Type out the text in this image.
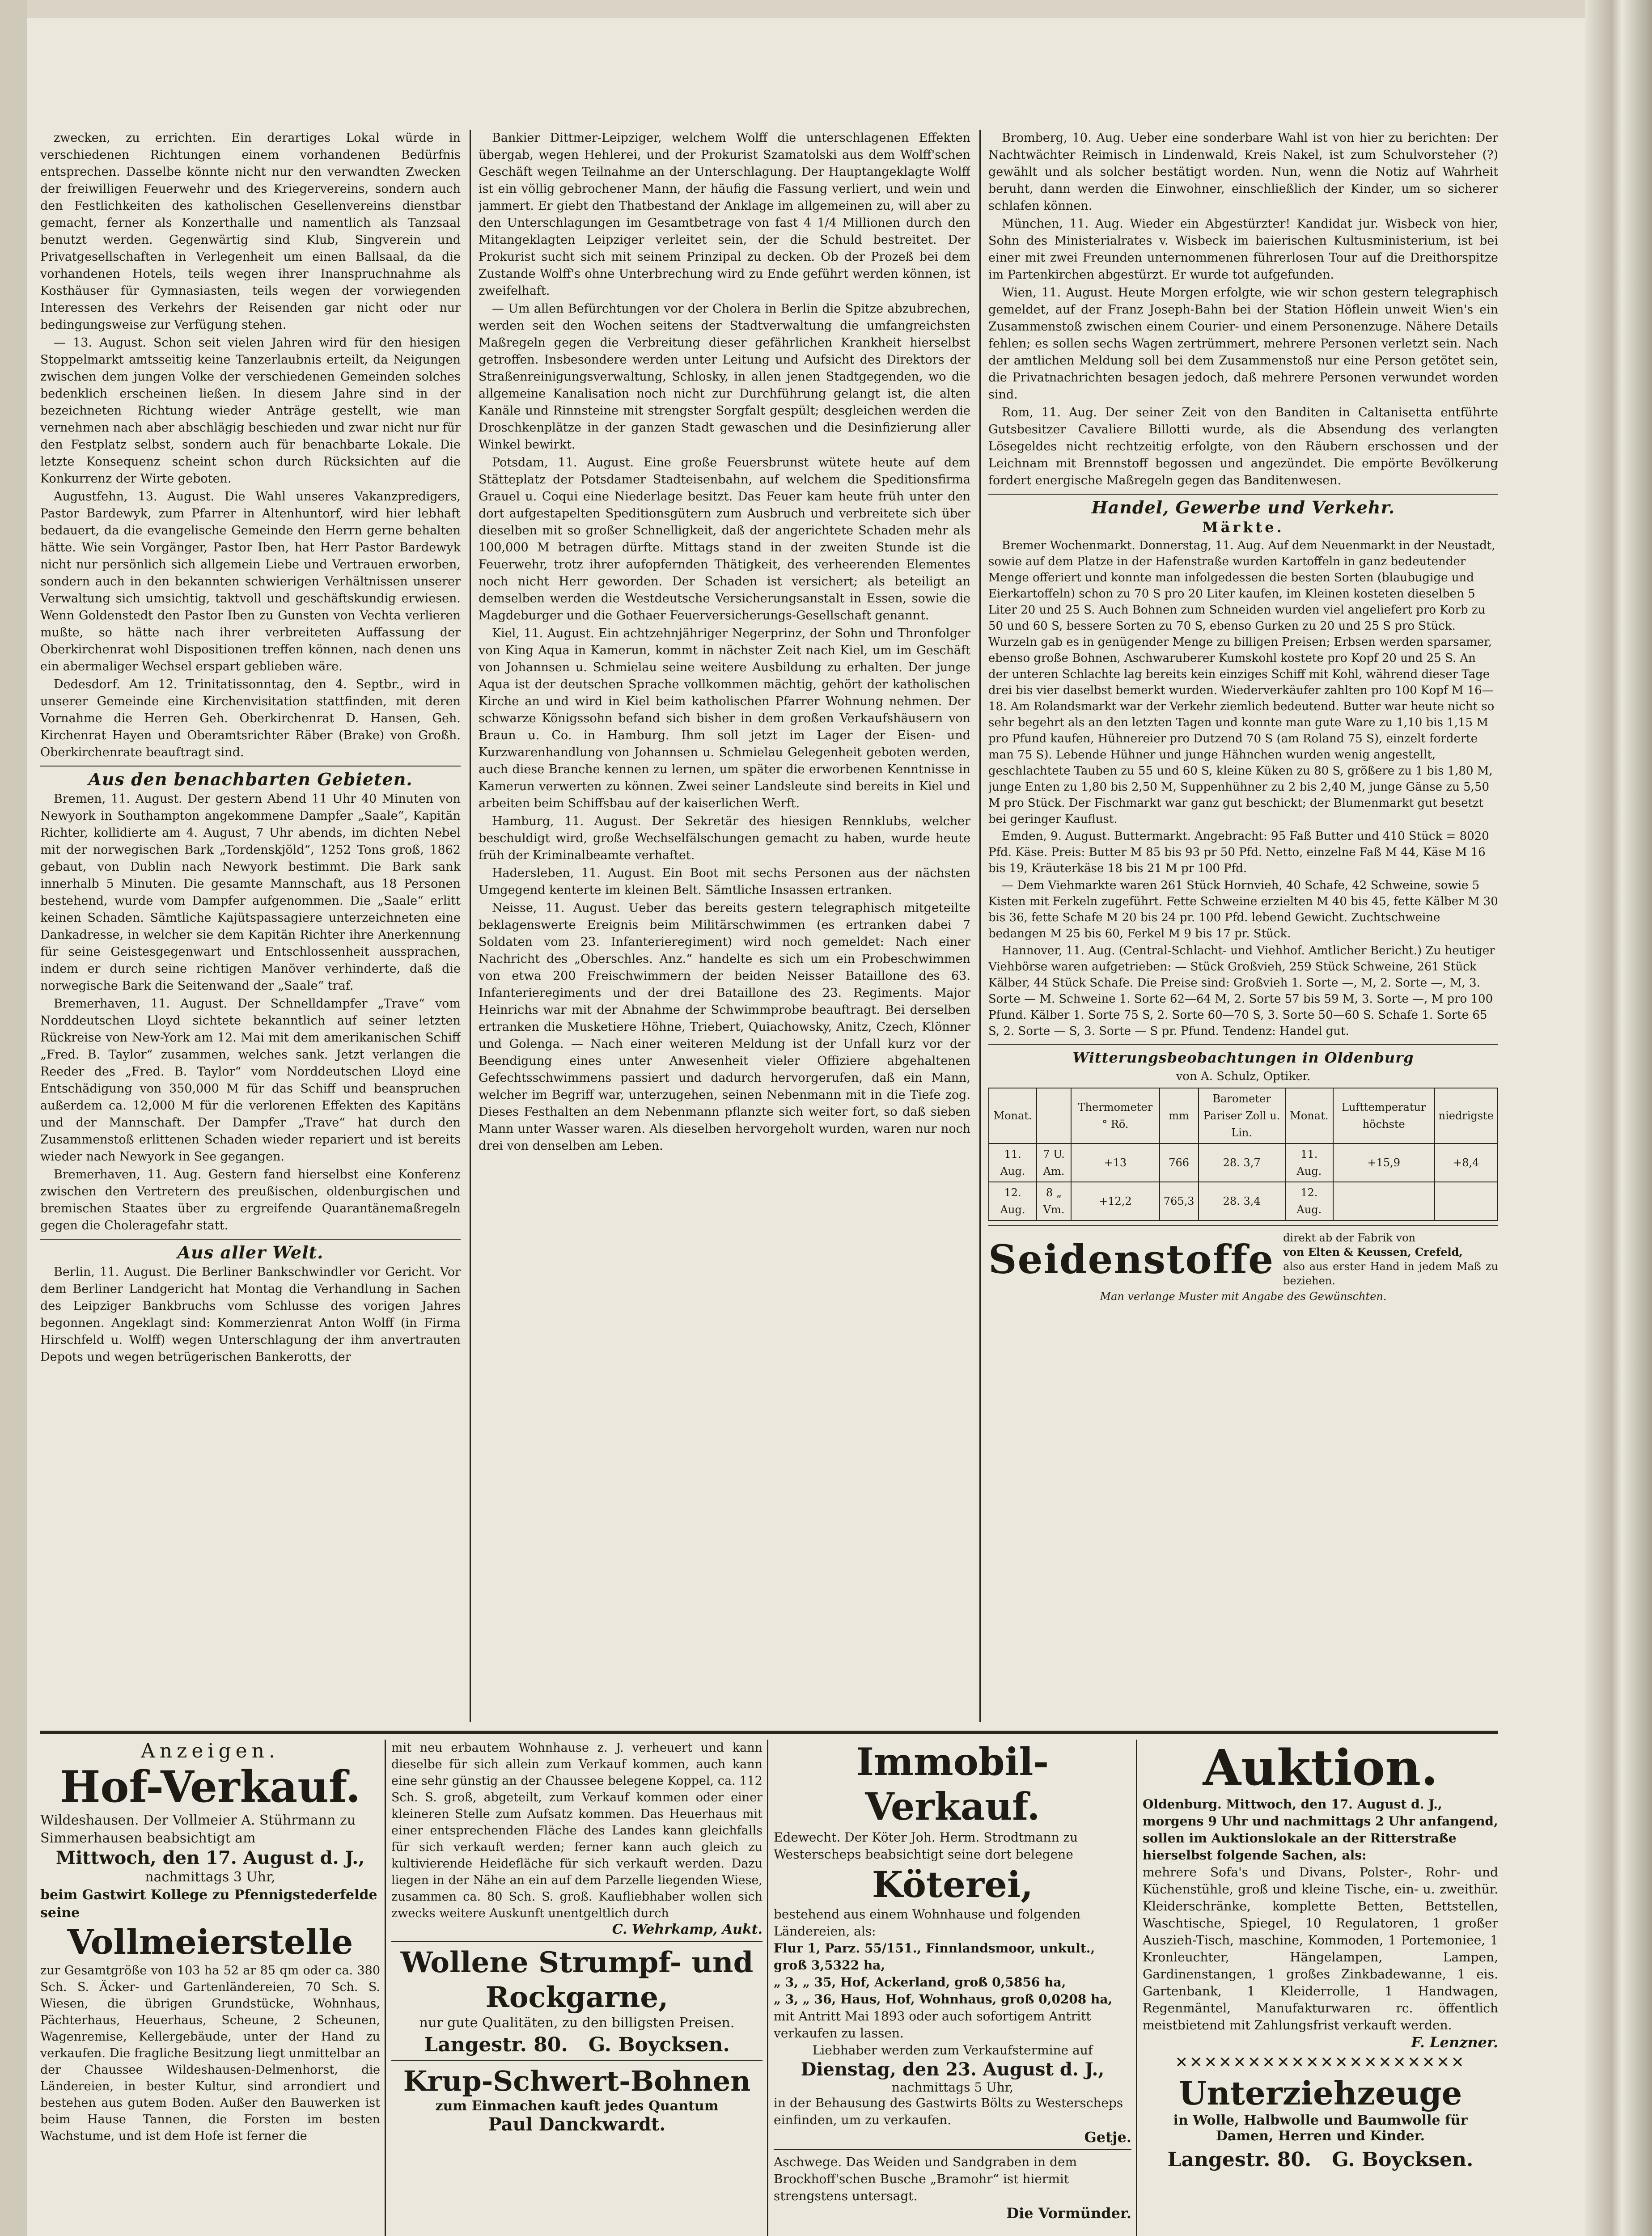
zwecken, zu errichten. Ein derartiges Lokal würde in verschiedenen Richtungen einem vorhandenen Bedürfnis entsprechen. Dasselbe könnte nicht nur den verwandten Zwecken der freiwilligen Feuerwehr und des Kriegervereins, sondern auch den Festlichkeiten des katholischen Gesellenvereins dienstbar gemacht, ferner als Konzerthalle und namentlich als Tanzsaal benutzt werden. Gegenwärtig sind Klub, Singverein und Privatgesellschaften in Verlegenheit um einen Ballsaal, da die vorhandenen Hotels, teils wegen ihrer Inanspruchnahme als Kosthäuser für Gymnasiasten, teils wegen der vorwiegenden Interessen des Verkehrs der Reisenden gar nicht oder nur bedingungsweise zur Verfügung stehen.

— 13. August. Schon seit vielen Jahren wird für den hiesigen Stoppelmarkt amtsseitig keine Tanzerlaubnis erteilt, da Neigungen zwischen dem jungen Volke der verschiedenen Gemeinden solches bedenklich erscheinen ließen. In diesem Jahre sind in der bezeichneten Richtung wieder Anträge gestellt, wie man vernehmen nach aber abschlägig beschieden und zwar nicht nur für den Festplatz selbst, sondern auch für benachbarte Lokale. Die letzte Konsequenz scheint schon durch Rücksichten auf die Konkurrenz der Wirte geboten.

Augustfehn, 13. August. Die Wahl unseres Vakanzpredigers, Pastor Bardewyk, zum Pfarrer in Altenhuntorf, wird hier lebhaft bedauert, da die evangelische Gemeinde den Herrn gerne behalten hätte. Wie sein Vorgänger, Pastor Iben, hat Herr Pastor Bardewyk nicht nur persönlich sich allgemein Liebe und Vertrauen erworben, sondern auch in den bekannten schwierigen Verhältnissen unserer Verwaltung sich umsichtig, taktvoll und geschäftskundig erwiesen. Wenn Goldenstedt den Pastor Iben zu Gunsten von Vechta verlieren mußte, so hätte nach ihrer verbreiteten Auffassung der Oberkirchenrat wohl Dispositionen treffen können, nach denen uns ein abermaliger Wechsel erspart geblieben wäre.

Dedesdorf. Am 12. Trinitatissonntag, den 4. Septbr., wird in unserer Gemeinde eine Kirchenvisitation stattfinden, mit deren Vornahme die Herren Geh. Oberkirchenrat D. Hansen, Geh. Kirchenrat Hayen und Oberamtsrichter Räber (Brake) von Großh. Oberkirchenrate beauftragt sind.

Aus den benachbarten Gebieten.

Bremen, 11. August. Der gestern Abend 11 Uhr 40 Minuten von Newyork in Southampton angekommene Dampfer „Saale“, Kapitän Richter, kollidierte am 4. August, 7 Uhr abends, im dichten Nebel mit der norwegischen Bark „Tordenskjöld“, 1252 Tons groß, 1862 gebaut, von Dublin nach Newyork bestimmt. Die Bark sank innerhalb 5 Minuten. Die gesamte Mannschaft, aus 18 Personen bestehend, wurde vom Dampfer aufgenommen. Die „Saale“ erlitt keinen Schaden. Sämtliche Kajütspassagiere unterzeichneten eine Dankadresse, in welcher sie dem Kapitän Richter ihre Anerkennung für seine Geistesgegenwart und Entschlossenheit aussprachen, indem er durch seine richtigen Manöver verhinderte, daß die norwegische Bark die Seitenwand der „Saale“ traf.

Bremerhaven, 11. August. Der Schnelldampfer „Trave“ vom Norddeutschen Lloyd sichtete bekanntlich auf seiner letzten Rückreise von New-York am 12. Mai mit dem amerikanischen Schiff „Fred. B. Taylor“ zusammen, welches sank. Jetzt verlangen die Reeder des „Fred. B. Taylor“ vom Norddeutschen Lloyd eine Entschädigung von 350,000 M für das Schiff und beanspruchen außerdem ca. 12,000 M für die verlorenen Effekten des Kapitäns und der Mannschaft. Der Dampfer „Trave“ hat durch den Zusammenstoß erlittenen Schaden wieder repariert und ist bereits wieder nach Newyork in See gegangen.

Bremerhaven, 11. Aug. Gestern fand hierselbst eine Konferenz zwischen den Vertretern des preußischen, oldenburgischen und bremischen Staates über zu ergreifende Quarantänemaßregeln gegen die Choleragefahr statt.

Aus aller Welt.

Berlin, 11. August. Die Berliner Bankschwindler vor Gericht. Vor dem Berliner Landgericht hat Montag die Verhandlung in Sachen des Leipziger Bankbruchs vom Schlusse des vorigen Jahres begonnen. Angeklagt sind: Kommerzienrat Anton Wolff (in Firma Hirschfeld u. Wolff) wegen Unterschlagung der ihm anvertrauten Depots und wegen betrügerischen Bankerotts, der

Bankier Dittmer-Leipziger, welchem Wolff die unterschlagenen Effekten übergab, wegen Hehlerei, und der Prokurist Szamatolski aus dem Wolff'schen Geschäft wegen Teilnahme an der Unterschlagung. Der Hauptangeklagte Wolff ist ein völlig gebrochener Mann, der häufig die Fassung verliert, und wein und jammert. Er giebt den Thatbestand der Anklage im allgemeinen zu, will aber zu den Unterschlagungen im Gesamtbetrage von fast 4 1/4 Millionen durch den Mitangeklagten Leipziger verleitet sein, der die Schuld bestreitet. Der Prokurist sucht sich mit seinem Prinzipal zu decken. Ob der Prozeß bei dem Zustande Wolff's ohne Unterbrechung wird zu Ende geführt werden können, ist zweifelhaft.

— Um allen Befürchtungen vor der Cholera in Berlin die Spitze abzubrechen, werden seit den Wochen seitens der Stadtverwaltung die umfangreichsten Maßregeln gegen die Verbreitung dieser gefährlichen Krankheit hierselbst getroffen. Insbesondere werden unter Leitung und Aufsicht des Direktors der Straßenreinigungsverwaltung, Schlosky, in allen jenen Stadtgegenden, wo die allgemeine Kanalisation noch nicht zur Durchführung gelangt ist, die alten Kanäle und Rinnsteine mit strengster Sorgfalt gespült; desgleichen werden die Droschkenplätze in der ganzen Stadt gewaschen und die Desinfizierung aller Winkel bewirkt.

Potsdam, 11. August. Eine große Feuersbrunst wütete heute auf dem Stätteplatz der Potsdamer Stadteisenbahn, auf welchem die Speditionsfirma Grauel u. Coqui eine Niederlage besitzt. Das Feuer kam heute früh unter den dort aufgestapelten Speditionsgütern zum Ausbruch und verbreitete sich über dieselben mit so großer Schnelligkeit, daß der angerichtete Schaden mehr als 100,000 M betragen dürfte. Mittags stand in der zweiten Stunde ist die Feuerwehr, trotz ihrer aufopfernden Thätigkeit, des verheerenden Elementes noch nicht Herr geworden. Der Schaden ist versichert; als beteiligt an demselben werden die Westdeutsche Versicherungsanstalt in Essen, sowie die Magdeburger und die Gothaer Feuerversicherungs-Gesellschaft genannt.

Kiel, 11. August. Ein achtzehnjähriger Negerprinz, der Sohn und Thronfolger von King Aqua in Kamerun, kommt in nächster Zeit nach Kiel, um im Geschäft von Johannsen u. Schmielau seine weitere Ausbildung zu erhalten. Der junge Aqua ist der deutschen Sprache vollkommen mächtig, gehört der katholischen Kirche an und wird in Kiel beim katholischen Pfarrer Wohnung nehmen. Der schwarze Königssohn befand sich bisher in dem großen Verkaufshäusern von Braun u. Co. in Hamburg. Ihm soll jetzt im Lager der Eisen- und Kurzwarenhandlung von Johannsen u. Schmielau Gelegenheit geboten werden, auch diese Branche kennen zu lernen, um später die erworbenen Kenntnisse in Kamerun verwerten zu können. Zwei seiner Landsleute sind bereits in Kiel und arbeiten beim Schiffsbau auf der kaiserlichen Werft.

Hamburg, 11. August. Der Sekretär des hiesigen Rennklubs, welcher beschuldigt wird, große Wechselfälschungen gemacht zu haben, wurde heute früh der Kriminalbeamte verhaftet.

Hadersleben, 11. August. Ein Boot mit sechs Personen aus der nächsten Umgegend kenterte im kleinen Belt. Sämtliche Insassen ertranken.

Neisse, 11. August. Ueber das bereits gestern telegraphisch mitgeteilte beklagenswerte Ereignis beim Militärschwimmen (es ertranken dabei 7 Soldaten vom 23. Infanterieregiment) wird noch gemeldet: Nach einer Nachricht des „Oberschles. Anz.“ handelte es sich um ein Probeschwimmen von etwa 200 Freischwimmern der beiden Neisser Bataillone des 63. Infanterieregiments und der drei Bataillone des 23. Regiments. Major Heinrichs war mit der Abnahme der Schwimmprobe beauftragt. Bei derselben ertranken die Musketiere Höhne, Triebert, Quiachowsky, Anitz, Czech, Klönner und Golenga. — Nach einer weiteren Meldung ist der Unfall kurz vor der Beendigung eines unter Anwesenheit vieler Offiziere abgehaltenen Gefechtsschwimmens passiert und dadurch hervorgerufen, daß ein Mann, welcher im Begriff war, unterzugehen, seinen Nebenmann mit in die Tiefe zog. Dieses Festhalten an dem Nebenmann pflanzte sich weiter fort, so daß sieben Mann unter Wasser waren. Als dieselben hervorgeholt wurden, waren nur noch drei von denselben am Leben.

Bromberg, 10. Aug. Ueber eine sonderbare Wahl ist von hier zu berichten: Der Nachtwächter Reimisch in Lindenwald, Kreis Nakel, ist zum Schulvorsteher (?) gewählt und als solcher bestätigt worden. Nun, wenn die Notiz auf Wahrheit beruht, dann werden die Einwohner, einschließlich der Kinder, um so sicherer schlafen können.

München, 11. Aug. Wieder ein Abgestürzter! Kandidat jur. Wisbeck von hier, Sohn des Ministerialrates v. Wisbeck im baierischen Kultusministerium, ist bei einer mit zwei Freunden unternommenen führerlosen Tour auf die Dreithorspitze im Partenkirchen abgestürzt. Er wurde tot aufgefunden.

Wien, 11. August. Heute Morgen erfolgte, wie wir schon gestern telegraphisch gemeldet, auf der Franz Joseph-Bahn bei der Station Höflein unweit Wien's ein Zusammenstoß zwischen einem Courier- und einem Personenzuge. Nähere Details fehlen; es sollen sechs Wagen zertrümmert, mehrere Personen verletzt sein. Nach der amtlichen Meldung soll bei dem Zusammenstoß nur eine Person getötet sein, die Privatnachrichten besagen jedoch, daß mehrere Personen verwundet worden sind.

Rom, 11. Aug. Der seiner Zeit von den Banditen in Caltanisetta entführte Gutsbesitzer Cavaliere Billotti wurde, als die Absendung des verlangten Lösegeldes nicht rechtzeitig erfolgte, von den Räubern erschossen und der Leichnam mit Brennstoff begossen und angezündet. Die empörte Bevölkerung fordert energische Maßregeln gegen das Banditenwesen.

Handel, Gewerbe und Verkehr.
Märkte.

Bremer Wochenmarkt. Donnerstag, 11. Aug. Auf dem Neuenmarkt in der Neustadt, sowie auf dem Platze in der Hafenstraße wurden Kartoffeln in ganz bedeutender Menge offeriert und konnte man infolgedessen die besten Sorten (blaubugige und Eierkartoffeln) schon zu 70 S pro 20 Liter kaufen, im Kleinen kosteten dieselben 5 Liter 20 und 25 S. Auch Bohnen zum Schneiden wurden viel angeliefert pro Korb zu 50 und 60 S, bessere Sorten zu 70 S, ebenso Gurken zu 20 und 25 S pro Stück. Wurzeln gab es in genügender Menge zu billigen Preisen; Erbsen werden sparsamer, ebenso große Bohnen, Aschwaruberer Kumskohl kostete pro Kopf 20 und 25 S. An der unteren Schlachte lag bereits kein einziges Schiff mit Kohl, während dieser Tage drei bis vier daselbst bemerkt wurden. Wiederverkäufer zahlten pro 100 Kopf M 16—18. Am Rolandsmarkt war der Verkehr ziemlich bedeutend. Butter war heute nicht so sehr begehrt als an den letzten Tagen und konnte man gute Ware zu 1,10 bis 1,15 M pro Pfund kaufen, Hühnereier pro Dutzend 70 S (am Roland 75 S), einzelt forderte man 75 S). Lebende Hühner und junge Hähnchen wurden wenig angestellt, geschlachtete Tauben zu 55 und 60 S, kleine Küken zu 80 S, größere zu 1 bis 1,80 M, junge Enten zu 1,80 bis 2,50 M, Suppenhühner zu 2 bis 2,40 M, junge Gänse zu 5,50 M pro Stück. Der Fischmarkt war ganz gut beschickt; der Blumenmarkt gut besetzt bei geringer Kauflust.

Emden, 9. August. Buttermarkt. Angebracht: 95 Faß Butter und 410 Stück = 8020 Pfd. Käse. Preis: Butter M 85 bis 93 pr 50 Pfd. Netto, einzelne Faß M 44, Käse M 16 bis 19, Kräuterkäse 18 bis 21 M pr 100 Pfd.

— Dem Viehmarkte waren 261 Stück Hornvieh, 40 Schafe, 42 Schweine, sowie 5 Kisten mit Ferkeln zugeführt. Fette Schweine erzielten M 40 bis 45, fette Kälber M 30 bis 36, fette Schafe M 20 bis 24 pr. 100 Pfd. lebend Gewicht. Zuchtschweine bedangen M 25 bis 60, Ferkel M 9 bis 17 pr. Stück.

Hannover, 11. Aug. (Central-Schlacht- und Viehhof. Amtlicher Bericht.) Zu heutiger Viehbörse waren aufgetrieben: — Stück Großvieh, 259 Stück Schweine, 261 Stück Kälber, 44 Stück Schafe. Die Preise sind: Großvieh 1. Sorte —, M, 2. Sorte —, M, 3. Sorte — M. Schweine 1. Sorte 62—64 M, 2. Sorte 57 bis 59 M, 3. Sorte —, M pro 100 Pfund. Kälber 1. Sorte 75 S, 2. Sorte 60—70 S, 3. Sorte 50—60 S. Schafe 1. Sorte 65 S, 2. Sorte — S, 3. Sorte — S pr. Pfund. Tendenz: Handel gut.

Witterungsbeobachtungen in Oldenburg
von A. Schulz, Optiker.
Monat.		Thermometer ° Rö.	mm	Barometer Pariser Zoll u. Lin.	Monat.	Lufttemperatur höchste	niedrigste
11. Aug.	7 U. Am.	+13	766	28. 3,7	11. Aug.	+15,9	+8,4
12. Aug.	8 „ Vm.	+12,2	765,3	28. 3,4	12. Aug.		
Seidenstoffe direkt ab der Fabrik von
von Elten & Keussen, Crefeld,
also aus erster Hand in jedem Maß zu beziehen.
Man verlange Muster mit Angabe des Gewünschten.

Anzeigen.

Hof-Verkauf.

Wildeshausen. Der Vollmeier A. Stührmann zu Simmerhausen beabsichtigt am

Mittwoch, den 17. August d. J.,

nachmittags 3 Uhr,

beim Gastwirt Kollege zu Pfennigstederfelde seine

Vollmeierstelle

zur Gesamtgröße von 103 ha 52 ar 85 qm oder ca. 380 Sch. S. Äcker- und Gartenländereien, 70 Sch. S. Wiesen, die übrigen Grundstücke, Wohnhaus, Pächterhaus, Heuerhaus, Scheune, 2 Scheunen, Wagenremise, Kellergebäude, unter der Hand zu verkaufen. Die fragliche Besitzung liegt unmittelbar an der Chaussee Wildeshausen-Delmenhorst, die Ländereien, in bester Kultur, sind arrondiert und bestehen aus gutem Boden. Außer den Bauwerken ist beim Hause Tannen, die Forsten im besten Wachstume, und ist dem Hofe ist ferner die

mit neu erbautem Wohnhause z. J. verheuert und kann dieselbe für sich allein zum Verkauf kommen, auch kann eine sehr günstig an der Chaussee belegene Koppel, ca. 112 Sch. S. groß, abgeteilt, zum Verkauf kommen oder einer kleineren Stelle zum Aufsatz kommen. Das Heuerhaus mit einer entsprechenden Fläche des Landes kann gleichfalls für sich verkauft werden; ferner kann auch gleich zu kultivierende Heidefläche für sich verkauft werden. Dazu liegen in der Nähe an ein auf dem Parzelle liegenden Wiese, zusammen ca. 80 Sch. S. groß. Kaufliebhaber wollen sich zwecks weitere Auskunft unentgeltlich durch

C. Wehrkamp, Aukt.

Wollene Strumpf- und Rockgarne,

nur gute Qualitäten, zu den billigsten Preisen.

Langestr. 80. G. Boycksen.

Krup-Schwert-Bohnen

zum Einmachen kauft jedes Quantum

Paul Danckwardt.

Immobil-Verkauf.

Edewecht. Der Köter Joh. Herm. Strodtmann zu Westerscheps beabsichtigt seine dort belegene

Köterei,

bestehend aus einem Wohnhause und folgenden Ländereien, als:

Flur 1, Parz. 55/151., Finnlandsmoor, unkult., groß 3,5322 ha,

„ 3, „ 35, Hof, Ackerland, groß 0,5856 ha,

„ 3, „ 36, Haus, Hof, Wohnhaus, groß 0,0208 ha,

mit Antritt Mai 1893 oder auch sofortigem Antritt verkaufen zu lassen.

Liebhaber werden zum Verkaufstermine auf

Dienstag, den 23. August d. J.,

nachmittags 5 Uhr,

in der Behausung des Gastwirts Bölts zu Westerscheps einfinden, um zu verkaufen.

Getje.

Aschwege. Das Weiden und Sandgraben in dem Brockhoff'schen Busche „Bramohr“ ist hiermit strengstens untersagt.

Die Vormünder.

Auktion.

Oldenburg. Mittwoch, den 17. August d. J., morgens 9 Uhr und nachmittags 2 Uhr anfangend, sollen im Auktionslokale an der Ritterstraße hierselbst folgende Sachen, als:

mehrere Sofa's und Divans, Polster-, Rohr- und Küchenstühle, groß und kleine Tische, ein- u. zweithür. Kleiderschränke, komplette Betten, Bettstellen, Waschtische, Spiegel, 10 Regulatoren, 1 großer Auszieh-Tisch, maschine, Kommoden, 1 Portemoniee, 1 Kronleuchter, Hängelampen, Lampen, Gardinenstangen, 1 großes Zinkbadewanne, 1 eis. Gartenbank, 1 Kleiderrolle, 1 Handwagen, Regenmäntel, Manufakturwaren rc. öffentlich meistbietend mit Zahlungsfrist verkauft werden.

F. Lenzner.

✕✕✕✕✕✕✕✕✕✕✕✕✕✕✕✕✕✕✕✕

Unterziehzeuge

in Wolle, Halbwolle und Baumwolle für Damen, Herren und Kinder.

Langestr. 80. G. Boycksen.
